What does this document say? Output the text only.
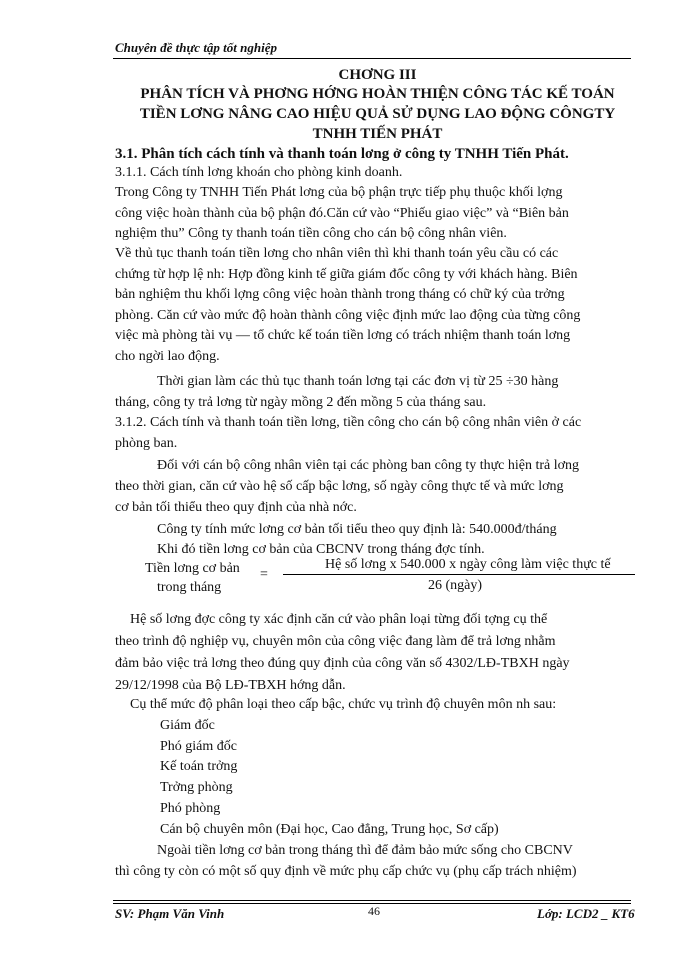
Chuyên đề thực tập tốt nghiệp
CHƠNG III
PHÂN TÍCH VÀ PHƠNG HỚNG HOÀN THIỆN CÔNG TÁC KẾ TOÁN
TIỀN LƠNG NÂNG CAO HIỆU QUẢ SỬ DỤNG LAO ĐỘNG CÔNGTY
TNHH TIẾN PHÁT
3.1. Phân tích cách tính và thanh toán lơng ở công ty TNHH Tiến Phát.
3.1.1. Cách tính lơng khoán cho phòng kinh doanh.
Trong Công ty TNHH Tiến Phát lơng của bộ phận trực tiếp phụ thuộc khối lợng
công việc hoàn thành của bộ phận đó.Căn cứ vào “Phiếu giao việc” và “Biên bản
nghiệm thu” Công ty thanh toán tiền công cho cán bộ công nhân viên.
Về thủ tục thanh toán tiền lơng cho nhân viên thì khi thanh toán yêu cầu có các
chứng từ hợp lệ nh: Hợp đồng kinh tế giữa giám đốc công ty với khách hàng. Biên
bản nghiệm thu khối lợng công việc hoàn thành trong tháng có chữ ký của trởng
phòng. Căn cứ vào mức độ hoàn thành công việc định mức lao động của từng công
việc mà phòng tài vụ — tổ chức kế toán tiền lơng có trách nhiệm thanh toán lơng
cho ngời lao động.
Thời gian làm các thủ tục thanh toán lơng tại các đơn vị từ 25 ÷30 hàng
tháng, công ty trả lơng từ ngày mồng 2 đến mồng 5 của tháng sau.
3.1.2. Cách tính và thanh toán tiền lơng, tiền công cho cán bộ công nhân viên ở các
phòng ban.
Đối với cán bộ công nhân viên tại các phòng ban công ty thực hiện trả lơng
theo thời gian, căn cứ vào hệ số cấp bậc lơng, số ngày công thực tế và mức lơng
cơ bản tối thiểu theo quy định của nhà nớc.
Công ty tính mức lơng cơ bản tối tiểu theo quy định là: 540.000đ/tháng
Khi đó tiền lơng cơ bản của CBCNV trong tháng đợc tính.
Tiền lơng cơ bản
trong tháng
=
Hệ số lơng x 540.000 x ngày công làm việc thực tế
26 (ngày)
Hệ số lơng đợc công ty xác định căn cứ vào phân loại từng đối tợng cụ thể
theo trình độ nghiệp vụ, chuyên môn của công việc đang làm để trả lơng nhằm
đảm bảo việc trả lơng theo đúng quy định của công văn số 4302/LĐ-TBXH ngày
29/12/1998 của Bộ LĐ-TBXH hớng dẫn.
Cụ thể mức độ phân loại theo cấp bậc, chức vụ trình độ chuyên môn nh sau:
Giám đốc
Phó giám đốc
Kế toán trởng
Trởng phòng
Phó phòng
Cán bộ chuyên môn (Đại học, Cao đẳng, Trung học, Sơ cấp)
Ngoài tiền lơng cơ bản trong tháng thì để đảm bảo mức sống cho CBCNV
thì công ty còn có một số quy định về mức phụ cấp chức vụ (phụ cấp trách nhiệm)
SV: Phạm Văn Vinh	46	Lớp: LCD2 _ KT6
